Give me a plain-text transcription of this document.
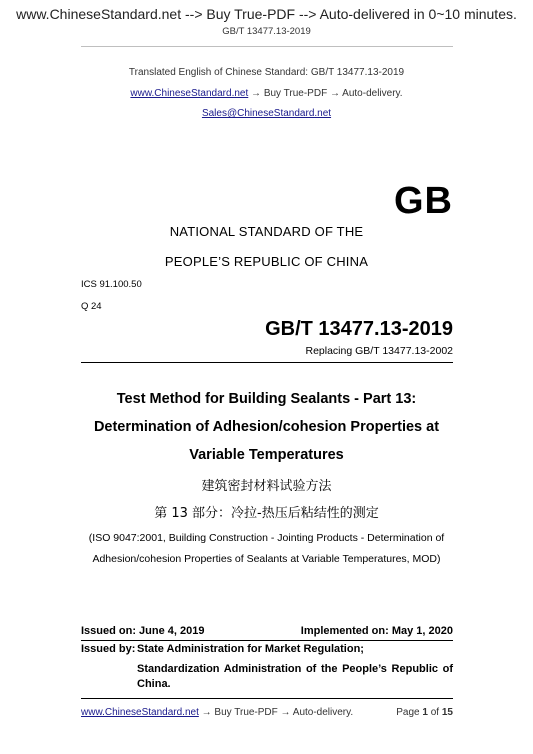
www.ChineseStandard.net --> Buy True-PDF --> Auto-delivered in 0~10 minutes.
GB/T 13477.13-2019
Translated English of Chinese Standard: GB/T 13477.13-2019
www.ChineseStandard.net → Buy True-PDF → Auto-delivery.
Sales@ChineseStandard.net
GB
NATIONAL STANDARD OF THE
PEOPLE’S REPUBLIC OF CHINA
ICS 91.100.50
Q 24
GB/T 13477.13-2019
Replacing GB/T 13477.13-2002
Test Method for Building Sealants - Part 13:
Determination of Adhesion/cohesion Properties at
Variable Temperatures
建筑密封材料试验方法
第 13 部分：冷拉-热压后粘结性的测定
(ISO 9047:2001, Building Construction - Jointing Products - Determination of
Adhesion/cohesion Properties of Sealants at Variable Temperatures, MOD)
Issued on: June 4, 2019	Implemented on: May 1, 2020
Issued by: State Administration for Market Regulation;
Standardization Administration of the People’s Republic of China.
www.ChineseStandard.net → Buy True-PDF → Auto-delivery.	Page 1 of 15
